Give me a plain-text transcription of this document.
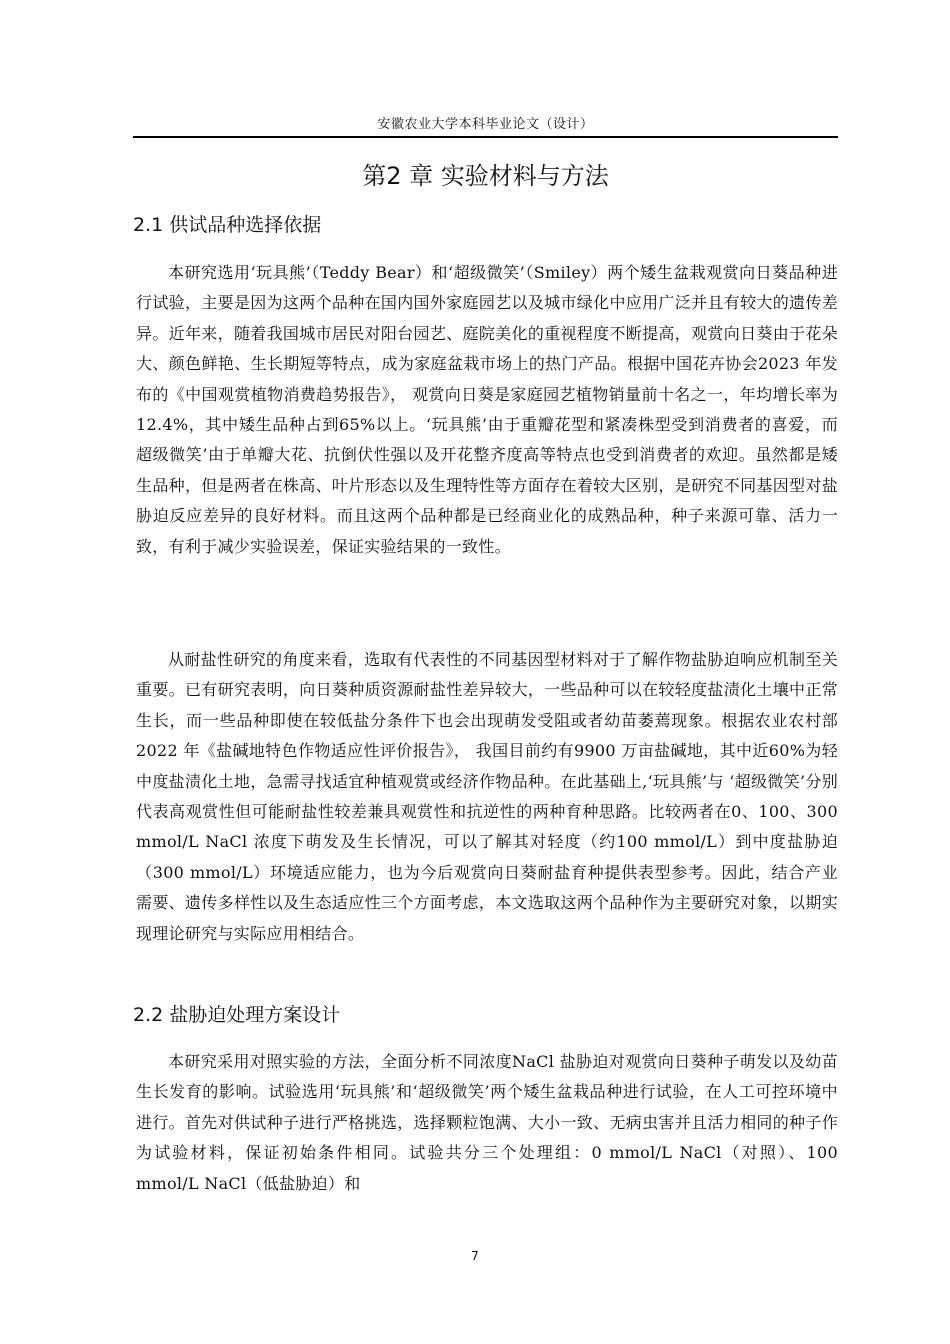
安徽农业大学本科毕业论文（设计）
第2 章 实验材料与方法
2.1 供试品种选择依据

本研究选用‘玩具熊’（Teddy Bear）和‘超级微笑’（Smiley）两个矮生盆栽观赏向日葵品种进行试验，主要是因为这两个品种在国内国外家庭园艺以及城市绿化中应用广泛并且有较大的遗传差异。近年来，随着我国城市居民对阳台园艺、庭院美化的重视程度不断提高，观赏向日葵由于花朵大、颜色鲜艳、生长期短等特点，成为家庭盆栽市场上的热门产品。根据中国花卉协会2023 年发布的《中国观赏植物消费趋势报告》， 观赏向日葵是家庭园艺植物销量前十名之一，年均增长率为12.4%，其中矮生品种占到65%以上。‘玩具熊’由于重瓣花型和紧凑株型受到消费者的喜爱，而超级微笑’由于单瓣大花、抗倒伏性强以及开花整齐度高等特点也受到消费者的欢迎。虽然都是矮生品种，但是两者在株高、叶片形态以及生理特性等方面存在着较大区别，是研究不同基因型对盐胁迫反应差异的良好材料。而且这两个品种都是已经商业化的成熟品种，种子来源可靠、活力一致，有利于减少实验误差，保证实验结果的一致性。

从耐盐性研究的角度来看，选取有代表性的不同基因型材料对于了解作物盐胁迫响应机制至关重要。已有研究表明，向日葵种质资源耐盐性差异较大，一些品种可以在较轻度盐渍化土壤中正常生长，而一些品种即使在较低盐分条件下也会出现萌发受阻或者幼苗萎蔫现象。根据农业农村部2022 年《盐碱地特色作物适应性评价报告》， 我国目前约有9900 万亩盐碱地，其中近60%为轻中度盐渍化土地，急需寻找适宜种植观赏或经济作物品种。在此基础上,‘玩具熊’与 ‘超级微笑’分别代表高观赏性但可能耐盐性较差兼具观赏性和抗逆性的两种育种思路。比较两者在0、100、300 mmol/L NaCl 浓度下萌发及生长情况，可以了解其对轻度（约100 mmol/L）到中度盐胁迫（300 mmol/L）环境适应能力，也为今后观赏向日葵耐盐育种提供表型参考。因此，结合产业需要、遗传多样性以及生态适应性三个方面考虑，本文选取这两个品种作为主要研究对象，以期实现理论研究与实际应用相结合。

2.2 盐胁迫处理方案设计

本研究采用对照实验的方法，全面分析不同浓度NaCl 盐胁迫对观赏向日葵种子萌发以及幼苗生长发育的影响。试验选用‘玩具熊’和‘超级微笑’两个矮生盆栽品种进行试验，在人工可控环境中进行。首先对供试种子进行严格挑选，选择颗粒饱满、大小一致、无病虫害并且活力相同的种子作为试验材料，保证初始条件相同。试验共分三个处理组：0 mmol/L NaCl（对照）、100 mmol/L NaCl（低盐胁迫）和

7
